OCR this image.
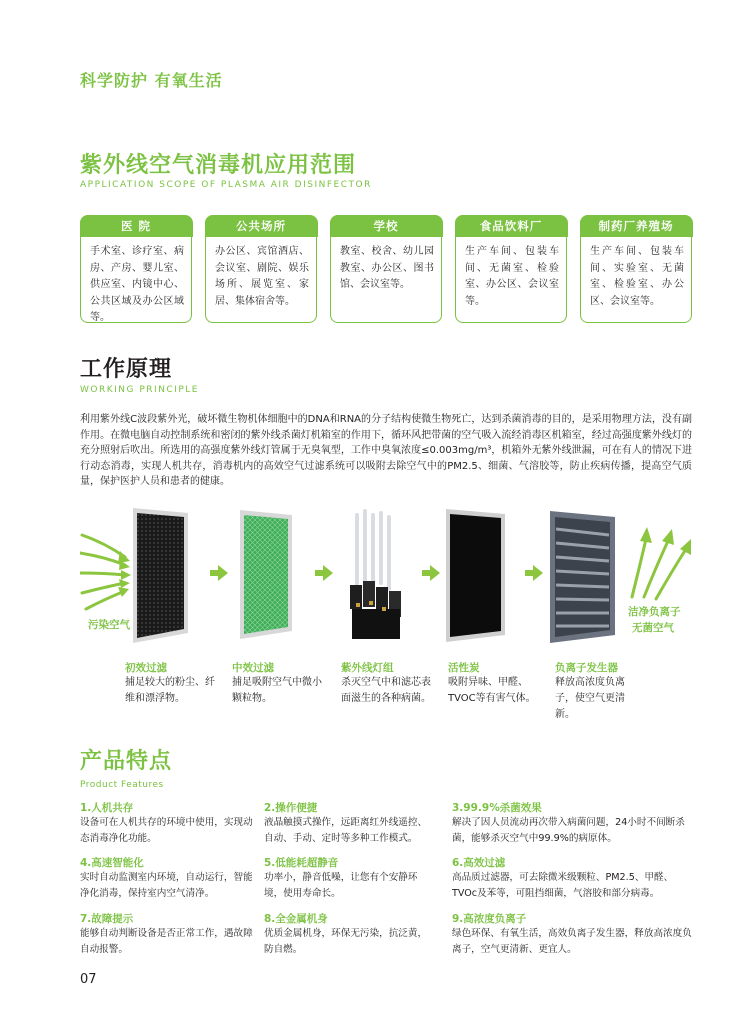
科学防护 有氧生活
紫外线空气消毒机应用范围
APPLICATION SCOPE OF PLASMA AIR DISINFECTOR
医 院
手术室、诊疗室、病房、产房、婴儿室、供应室、内镜中心、公共区域及办公区域等。
公共场所
办公区、宾馆酒店、会议室、剧院、娱乐场所、展览室、家居、集体宿舍等。
学校
教室、校舍、幼儿园教室、办公区、图书馆、会议室等。
食品饮料厂
生产车间、包装车间、无菌室、检验室、办公区、会议室等。
制药厂养殖场
生产车间、包装车间、实验室、无菌室、检验室、办公区、会议室等。
工作原理
WORKING PRINCIPLE
利用紫外线C波段紫外光，破坏微生物机体细胞中的DNA和RNA的分子结构使微生物死亡，达到杀菌消毒的目的，是采用物理方法，没有副作用。在微电脑自动控制系统和密闭的紫外线杀菌灯机箱室的作用下，循环风把带菌的空气吸入流经消毒区机箱室，经过高强度紫外线灯的充分照射后吹出。所选用的高强度紫外线灯管属于无臭氧型，工作中臭氧浓度≤0.003mg/m³，机箱外无紫外线泄漏，可在有人的情况下进行动态消毒，实现人机共存，消毒机内的高效空气过滤系统可以吸附去除空气中的PM2.5、细菌、气溶胶等，防止疾病传播，提高空气质量，保护医护人员和患者的健康。
污染空气
洁净负离子
无菌空气
初效过滤
捕足较大的粉尘、纤维和漂浮物。
中效过滤
捕足吸附空气中微小颗粒物。
紫外线灯组
杀灭空气中和滤芯表面滋生的各种病菌。
活性炭
吸附异味、甲醛、TVOC等有害气体。
负离子发生器
释放高浓度负离子，使空气更清新。
产品特点
Product Features
1.人机共存
设备可在人机共存的环境中使用，实现动态消毒净化功能。
2.操作便捷
液晶触摸式操作，远距离红外线遥控、自动、手动、定时等多种工作模式。
3.99.9%杀菌效果
解决了因人员流动再次带入病菌问题，24小时不间断杀菌，能够杀灭空气中99.9%的病原体。
4.高速智能化
实时自动监测室内环境，自动运行，智能净化消毒，保持室内空气清净。
5.低能耗超静音
功率小，静音低噪，让您有个安静环境，使用寿命长。
6.高效过滤
高品质过滤器，可去除微米级颗粒、PM2.5、甲醛、TVOc及苯等，可阻挡细菌，气溶胶和部分病毒。
7.故障提示
能够自动判断设备是否正常工作，遇故障自动报警。
8.全金属机身
优质金属机身，环保无污染，抗泛黄，防自燃。
9.高浓度负离子
绿色环保、有氧生活，高效负离子发生器，释放高浓度负离子，空气更清新、更宜人。
07
